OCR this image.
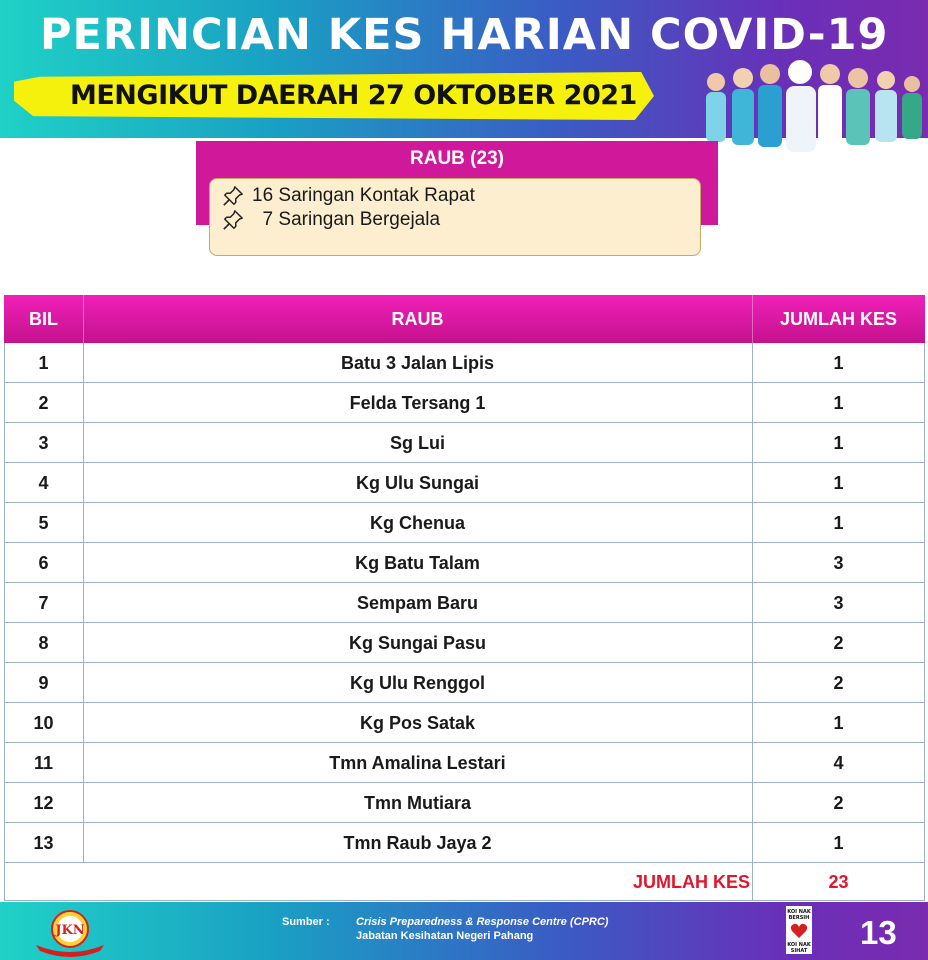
PERINCIAN KES HARIAN COVID-19
MENGIKUT DAERAH 27 OKTOBER 2021
RAUB (23)
16 Saringan Kontak Rapat
7 Saringan Bergejala
BIL	RAUB	JUMLAH KES
1	Batu 3 Jalan Lipis	1
2	Felda Tersang 1	1
3	Sg Lui	1
4	Kg Ulu Sungai	1
5	Kg Chenua	1
6	Kg Batu Talam	3
7	Sempam Baru	3
8	Kg Sungai Pasu	2
9	Kg Ulu Renggol	2
10	Kg Pos Satak	1
11	Tmn Amalina Lestari	4
12	Tmn Mutiara	2
13	Tmn Raub Jaya 2	1
JUMLAH KES	23
JKN
Sumber : Crisis Preparedness & Response Centre (CPRC)
Jabatan Kesihatan Negeri Pahang
KOI NAK
BERSIH
KOI NAK
SIHAT 13
